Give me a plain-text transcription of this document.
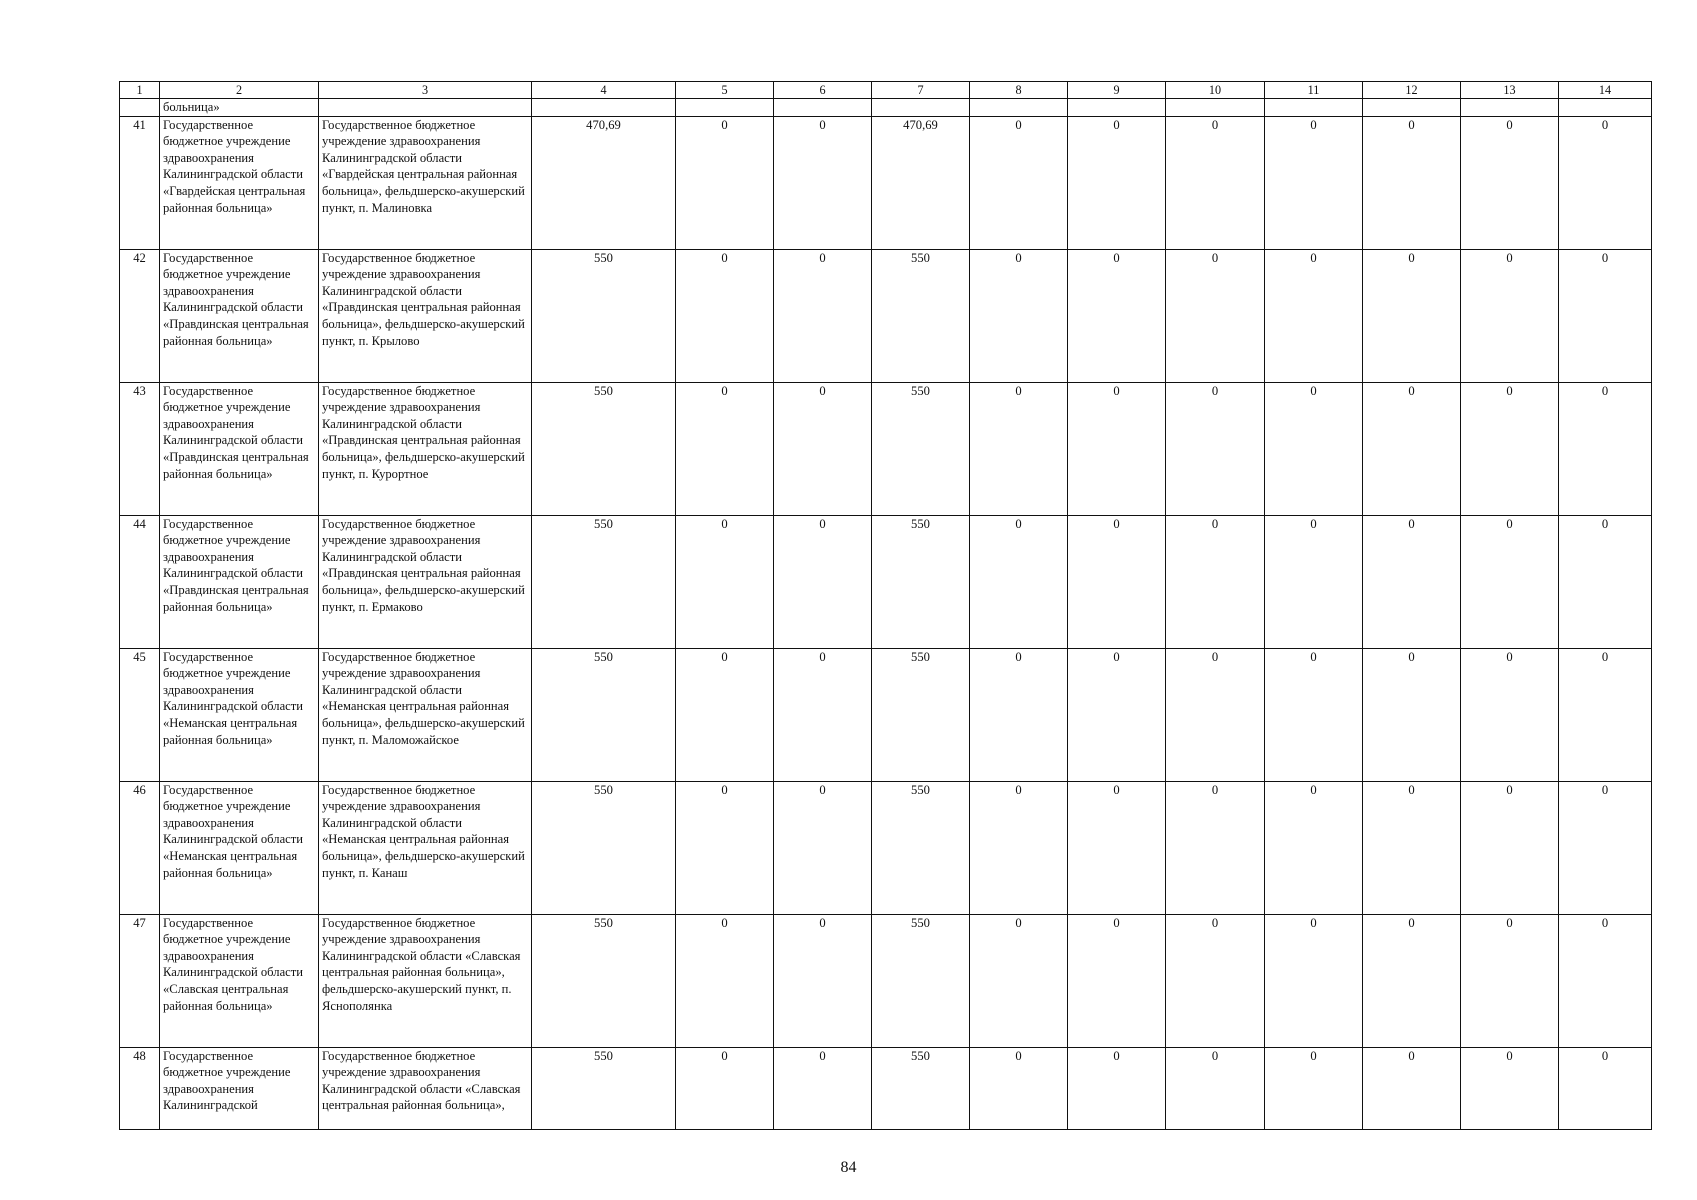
1	2	3	4	5	6	7	8	9	10	11	12	13	14
	больница»												
41	Государственное бюджетное учреждение здравоохранения Калининградской области «Гвардейская центральная районная больница»	Государственное бюджетное учреждение здравоохранения Калининградской области «Гвардейская центральная районная больница», фельдшерско-акушерский пункт, п. Малиновка	470,69	0	0	470,69	0	0	0	0	0	0	0
42	Государственное бюджетное учреждение здравоохранения Калининградской области «Правдинская центральная районная больница»	Государственное бюджетное учреждение здравоохранения Калининградской области «Правдинская центральная районная больница», фельдшерско-акушерский пункт, п. Крылово	550	0	0	550	0	0	0	0	0	0	0
43	Государственное бюджетное учреждение здравоохранения Калининградской области «Правдинская центральная районная больница»	Государственное бюджетное учреждение здравоохранения Калининградской области «Правдинская центральная районная больница», фельдшерско-акушерский пункт, п. Курортное	550	0	0	550	0	0	0	0	0	0	0
44	Государственное бюджетное учреждение здравоохранения Калининградской области «Правдинская центральная районная больница»	Государственное бюджетное учреждение здравоохранения Калининградской области «Правдинская центральная районная больница», фельдшерско-акушерский пункт, п. Ермаково	550	0	0	550	0	0	0	0	0	0	0
45	Государственное бюджетное учреждение здравоохранения Калининградской области «Неманская центральная районная больница»	Государственное бюджетное учреждение здравоохранения Калининградской области «Неманская центральная районная больница», фельдшерско-акушерский пункт, п. Маломожайское	550	0	0	550	0	0	0	0	0	0	0
46	Государственное бюджетное учреждение здравоохранения Калининградской области «Неманская центральная районная больница»	Государственное бюджетное учреждение здравоохранения Калининградской области «Неманская центральная районная больница», фельдшерско-акушерский пункт, п. Канаш	550	0	0	550	0	0	0	0	0	0	0
47	Государственное бюджетное учреждение здравоохранения Калининградской области «Славская центральная районная больница»	Государственное бюджетное учреждение здравоохранения Калининградской области «Славская центральная районная больница», фельдшерско-акушерский пункт, п. Яснополянка	550	0	0	550	0	0	0	0	0	0	0
48	Государственное бюджетное учреждение здравоохранения Калининградской	Государственное бюджетное учреждение здравоохранения Калининградской области «Славская центральная районная больница»,	550	0	0	550	0	0	0	0	0	0	0
84
